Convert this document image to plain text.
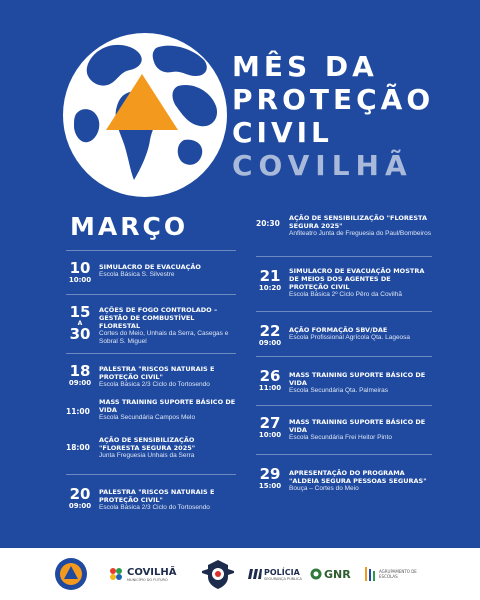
MÊS DA
PROTEÇÃO
CIVIL
COVILHÃ
MARÇO
10
10:00
SIMULACRO DE EVACUAÇÃO
Escola Básica S. Silvestre
15
A
30
AÇÕES DE FOGO CONTROLADO – GESTÃO DE COMBUSTÍVEL FLORESTAL
Cortes do Meio, Unhais da Serra, Casegas e Sobral S. Miguel
18
09:00
PALESTRA "RISCOS NATURAIS E PROTEÇÃO CIVIL"
Escola Básica 2/3 Ciclo do Tortosendo
11:00
MASS TRAINING SUPORTE BÁSICO DE VIDA
Escola Secundária Campos Melo
18:00
AÇÃO DE SENSIBILIZAÇÃO "FLORESTA SEGURA 2025"
Junta Freguesia Unhais da Serra
20
09:00
PALESTRA "RISCOS NATURAIS E PROTEÇÃO CIVIL"
Escola Básica 2/3 Ciclo do Tortosendo
20:30
AÇÃO DE SENSIBILIZAÇÃO "FLORESTA SEGURA 2025"
Anfiteatro Junta de Freguesia do Paul/Bombeiros
21
10:20
SIMULACRO DE EVACUAÇÃO MOSTRA DE MEIOS DOS AGENTES DE PROTEÇÃO CIVIL
Escola Básica 2º Ciclo Pêro da Covilhã
22
09:00
AÇÃO FORMAÇÃO SBV/DAE
Escola Profissional Agrícola Qta. Lageosa
26
11:00
MASS TRAINING SUPORTE BÁSICO DE VIDA
Escola Secundária Qta. Palmeiras
27
10:00
MASS TRAINING SUPORTE BÁSICO DE VIDA
Escola Secundária Frei Heitor Pinto
29
15:00
APRESENTAÇÃO DO PROGRAMA "ALDEIA SEGURA PESSOAS SEGURAS"
Bouça – Cortes do Meio
COVILHÃ
MUNICÍPIO DO FUTURO
POLÍCIA
SEGURANÇA PÚBLICA GNR	AGRUPAMENTO DE ESCOLAS
